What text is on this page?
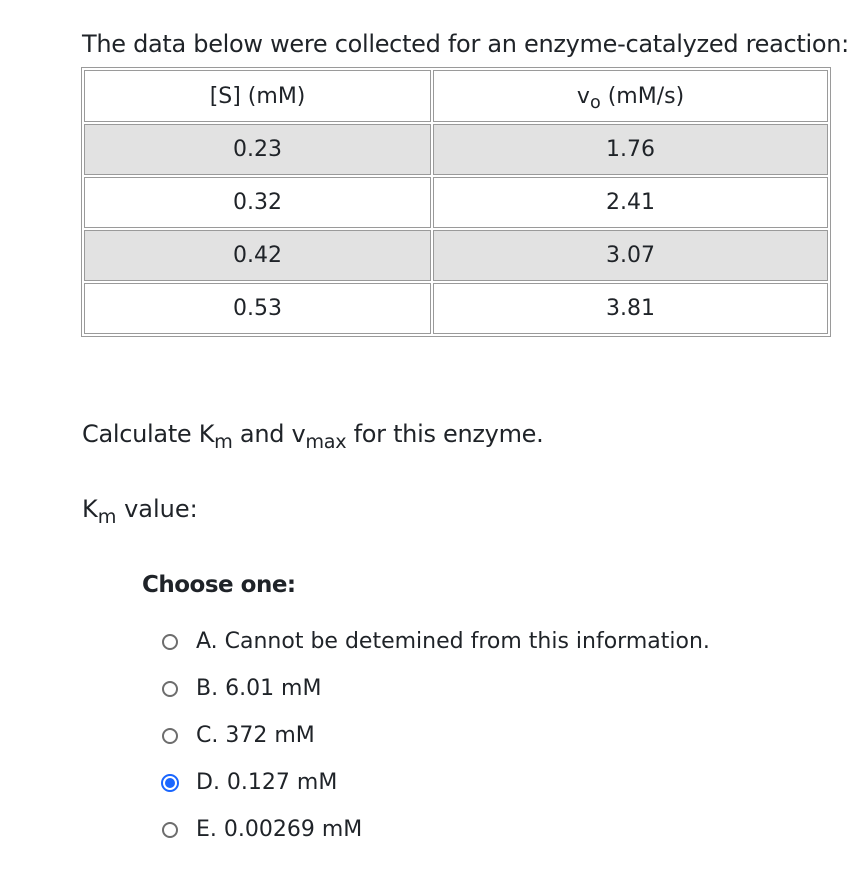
The data below were collected for an enzyme-catalyzed reaction:
[S] (mM)	$v_o$ (mM/s)
0.23	1.76
0.32	2.41
0.42	3.07
0.53	3.81
Calculate $K_m$ and $v_{max}$ for this enzyme.
$K_m$ value:
Choose one:
A. Cannot be detemined from this information.
B. 6.01 mM
C. 372 mM
D. 0.127 mM
E. 0.00269 mM
